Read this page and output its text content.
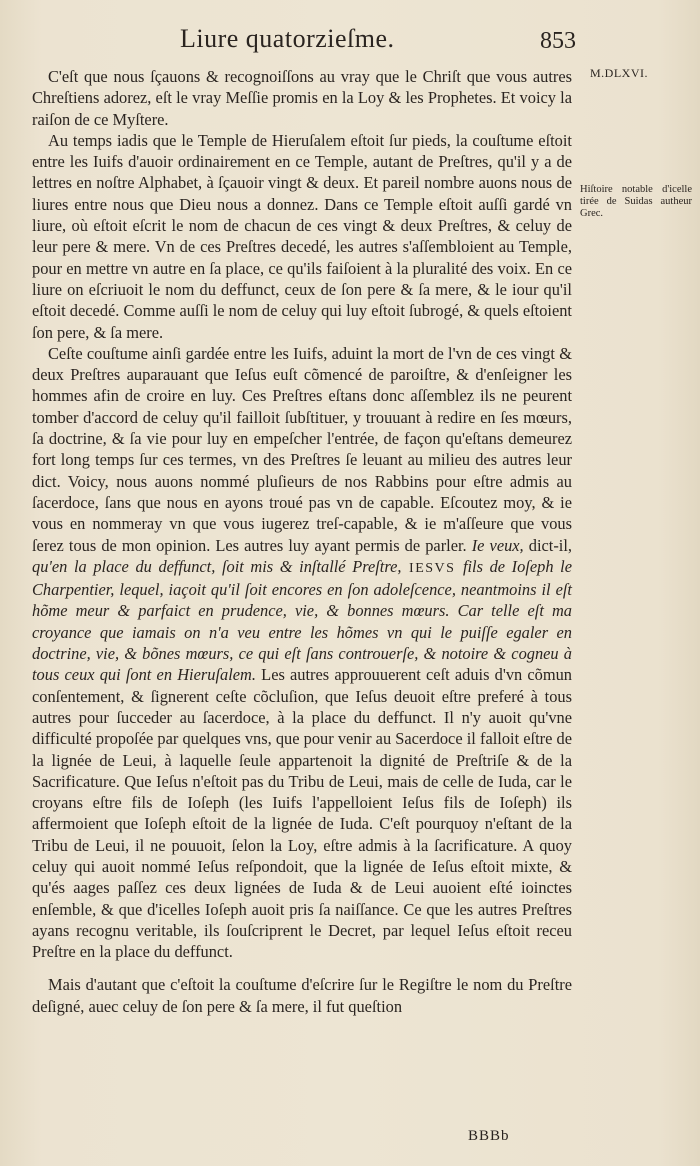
Liure quatorzieſme.	853
M.DLXVI.
Hiſtoire notable d'icelle tirée de Suidas autheur Grec.

C'eſt que nous ſçauons & recognoiſſons au vray que le Chriſt que vous autres Chreſtiens adorez, eſt le vray Meſſie promis en la Loy & les Prophetes. Et voicy la raiſon de ce Myſtere.

Au temps iadis que le Temple de Hieruſalem eſtoit ſur pieds, la couſtume eſtoit entre les Iuifs d'auoir ordinairement en ce Temple, autant de Preſtres, qu'il y a de lettres en noſtre Alphabet, à ſçauoir vingt & deux. Et pareil nombre auons nous de liures entre nous que Dieu nous a donnez. Dans ce Temple eſtoit auſſi gardé vn liure, où eſtoit eſcrit le nom de chacun de ces vingt & deux Preſtres, & celuy de leur pere & mere. Vn de ces Preſtres decedé, les autres s'aſſembloient au Temple, pour en mettre vn autre en ſa place, ce qu'ils faiſoient à la pluralité des voix. En ce liure on eſcriuoit le nom du deffunct, ceux de ſon pere & ſa mere, & le iour qu'il eſtoit decedé. Comme auſſi le nom de celuy qui luy eſtoit ſubrogé, & quels eſtoient ſon pere, & ſa mere.

Ceſte couſtume ainſi gardée entre les Iuifs, aduint la mort de l'vn de ces vingt & deux Preſtres auparauant que Ieſus euſt cõmencé de paroiſtre, & d'enſeigner les hommes afin de croire en luy. Ces Preſtres eſtans donc aſſemblez ils ne peurent tomber d'accord de celuy qu'il failloit ſubſtituer, y trouuant à redire en ſes mœurs, ſa doctrine, & ſa vie pour luy en empeſcher l'entrée, de façon qu'eſtans demeurez fort long temps ſur ces termes, vn des Preſtres ſe leuant au milieu des autres leur dict. Voicy, nous auons nommé pluſieurs de nos Rabbins pour eſtre admis au ſacerdoce, ſans que nous en ayons troué pas vn de capable. Eſcoutez moy, & ie vous en nommeray vn que vous iugerez treſ-capable, & ie m'aſſeure que vous ſerez tous de mon opinion. Les autres luy ayant permis de parler. Ie veux, dict-il, qu'en la place du deffunct, ſoit mis & inſtallé Preſtre, IESVS fils de Ioſeph le Charpentier, lequel, iaçoit qu'il ſoit encores en ſon adoleſcence, neantmoins il eſt hõme meur & parfaict en prudence, vie, & bonnes mœurs. Car telle eſt ma croyance que iamais on n'a veu entre les hõmes vn qui le puiſſe egaler en doctrine, vie, & bõnes mœurs, ce qui eſt ſans controuerſe, & notoire & cogneu à tous ceux qui ſont en Hieruſalem. Les autres approuuerent ceſt aduis d'vn cõmun conſentement, & ſignerent ceſte cõcluſion, que Ieſus deuoit eſtre preferé à tous autres pour ſucceder au ſacerdoce, à la place du deffunct. Il n'y auoit qu'vne difficulté propoſée par quelques vns, que pour venir au Sacerdoce il falloit eſtre de la lignée de Leui, à laquelle ſeule appartenoit la dignité de Preſtriſe & de la Sacrificature. Que Ieſus n'eſtoit pas du Tribu de Leui, mais de celle de Iuda, car le croyans eſtre fils de Ioſeph (les Iuifs l'appelloient Ieſus fils de Ioſeph) ils affermoient que Ioſeph eſtoit de la lignée de Iuda. C'eſt pourquoy n'eſtant de la Tribu de Leui, il ne pouuoit, ſelon la Loy, eſtre admis à la ſacrificature. A quoy celuy qui auoit nommé Ieſus reſpondoit, que la lignée de Ieſus eſtoit mixte, & qu'és aages paſſez ces deux lignées de Iuda & de Leui auoient eſté ioinctes enſemble, & que d'icelles Ioſeph auoit pris ſa naiſſance. Ce que les autres Preſtres ayans recognu veritable, ils ſouſcriprent le Decret, par lequel Ieſus eſtoit receu Preſtre en la place du deffunct.

Mais d'autant que c'eſtoit la couſtume d'eſcrire ſur le Regiſtre le nom du Preſtre deſigné, auec celuy de ſon pere & ſa mere, il fut queſtion

BBBb
